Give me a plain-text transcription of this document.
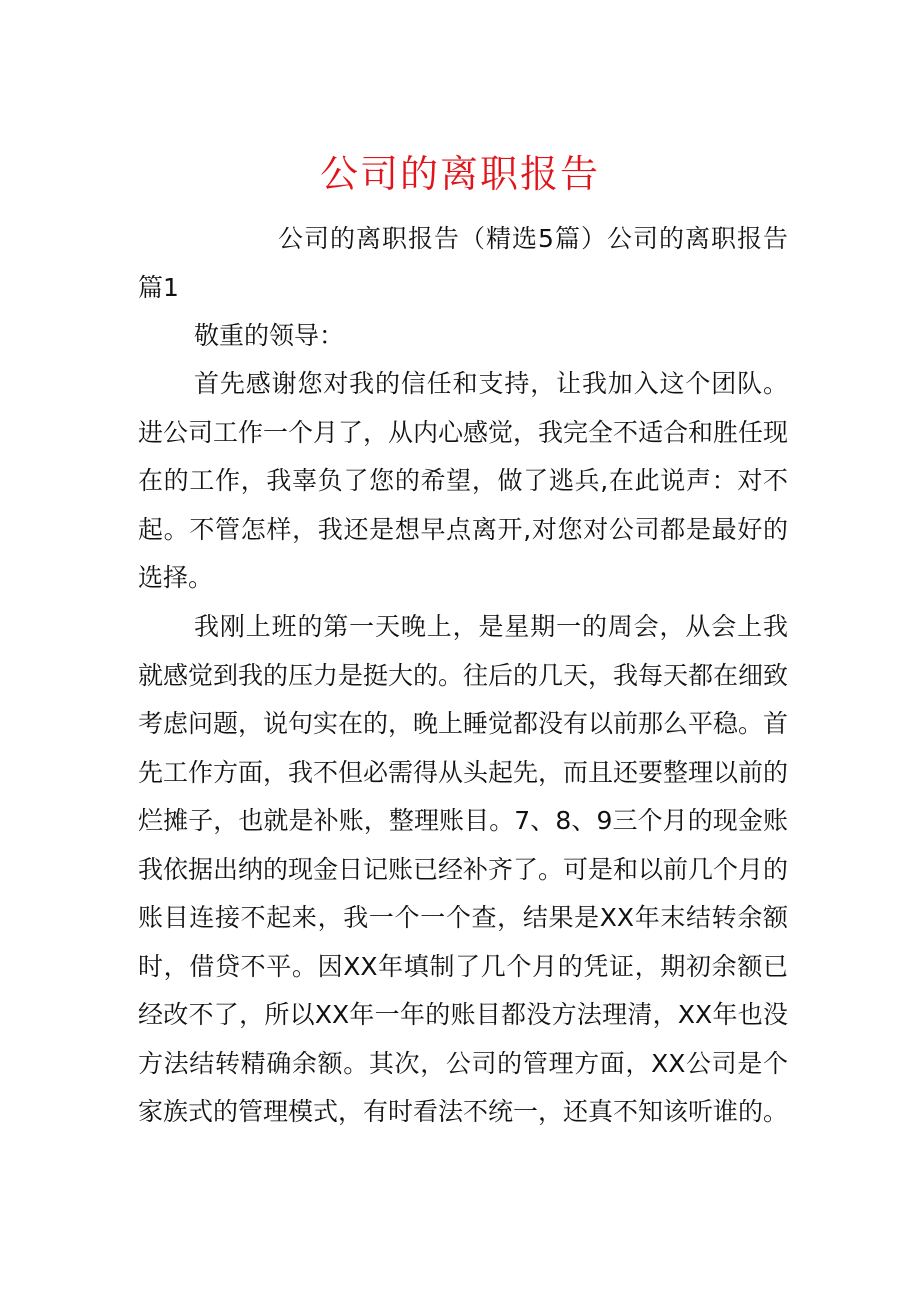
公司的离职报告

公司的离职报告（精选5篇）公司的离职报告篇1

敬重的领导：

首先感谢您对我的信任和支持，让我加入这个团队。进公司工作一个月了，从内心感觉，我完全不适合和胜任现在的工作，我辜负了您的希望，做了逃兵,在此说声：对不起。不管怎样，我还是想早点离开,对您对公司都是最好的选择。

我刚上班的第一天晚上，是星期一的周会，从会上我就感觉到我的压力是挺大的。往后的几天，我每天都在细致考虑问题，说句实在的，晚上睡觉都没有以前那么平稳。首先工作方面，我不但必需得从头起先，而且还要整理以前的烂摊子，也就是补账，整理账目。7、8、9三个月的现金账我依据出纳的现金日记账已经补齐了。可是和以前几个月的账目连接不起来，我一个一个查，结果是XX年末结转余额时，借贷不平。因XX年填制了几个月的凭证，期初余额已经改不了，所以XX年一年的账目都没方法理清，XX年也没方法结转精确余额。其次，公司的管理方面，XX公司是个家族式的管理模式，有时看法不统一，还真不知该听谁的。
